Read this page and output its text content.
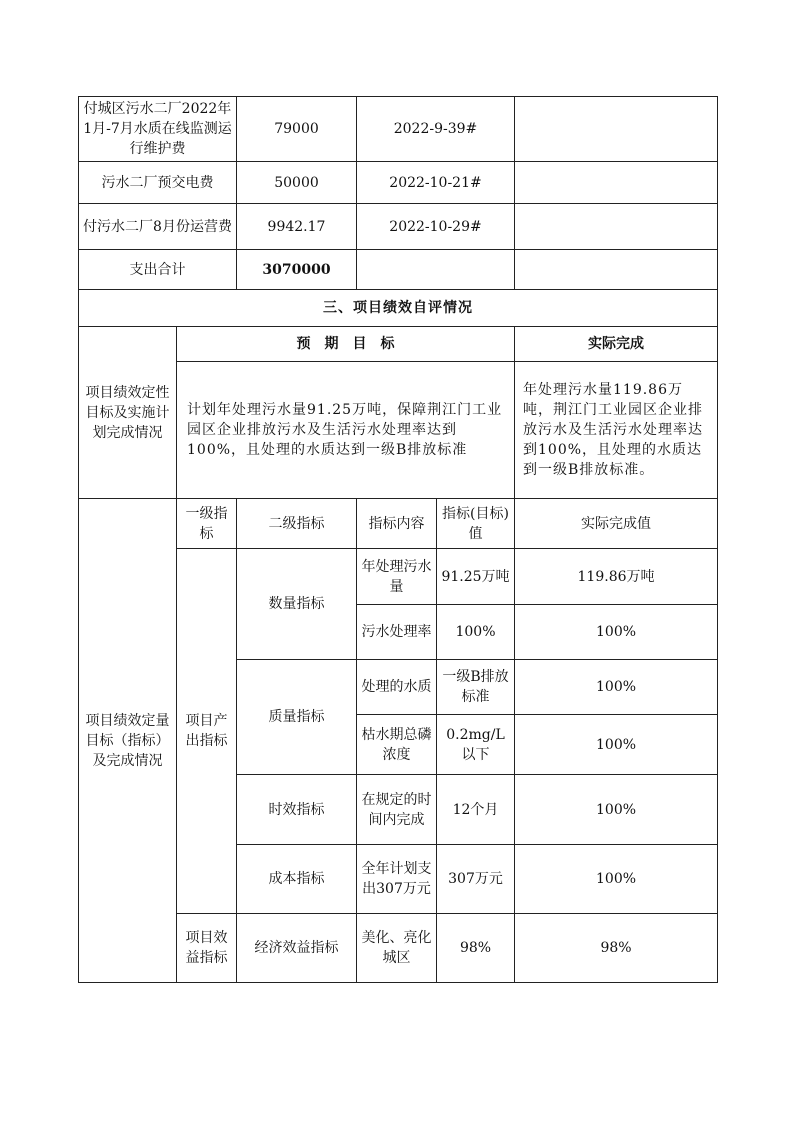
付城区污水二厂2022年1月-7月水质在线监测运行维护费		79000	2022-9-39#		
污水二厂预交电费		50000	2022-10-21#		
付污水二厂8月份运营费		9942.17	2022-10-29#		
支出合计		3070000			
三、项目绩效自评情况					
项目绩效定性目标及实施计划完成情况	预　期　目　标				实际完成
	计划年处理污水量91.25万吨，保障荆江门工业园区企业排放污水及生活污水处理率达到100%，且处理的水质达到一级B排放标准				年处理污水量119.86万吨，荆江门工业园区企业排放污水及生活污水处理率达到100%，且处理的水质达到一级B排放标准。
项目绩效定量目标（指标）及完成情况	一级指标	二级指标	指标内容	指标(目标)值	实际完成值
	项目产出指标	数量指标	年处理污水量	91.25万吨	119.86万吨
			污水处理率	100%	100%
		质量指标	处理的水质	一级B排放标准	100%
			枯水期总磷浓度	0.2mg/L以下	100%
		时效指标	在规定的时间内完成	12个月	100%
		成本指标	全年计划支出307万元	307万元	100%
	项目效益指标	经济效益指标	美化、亮化城区	98%	98%
